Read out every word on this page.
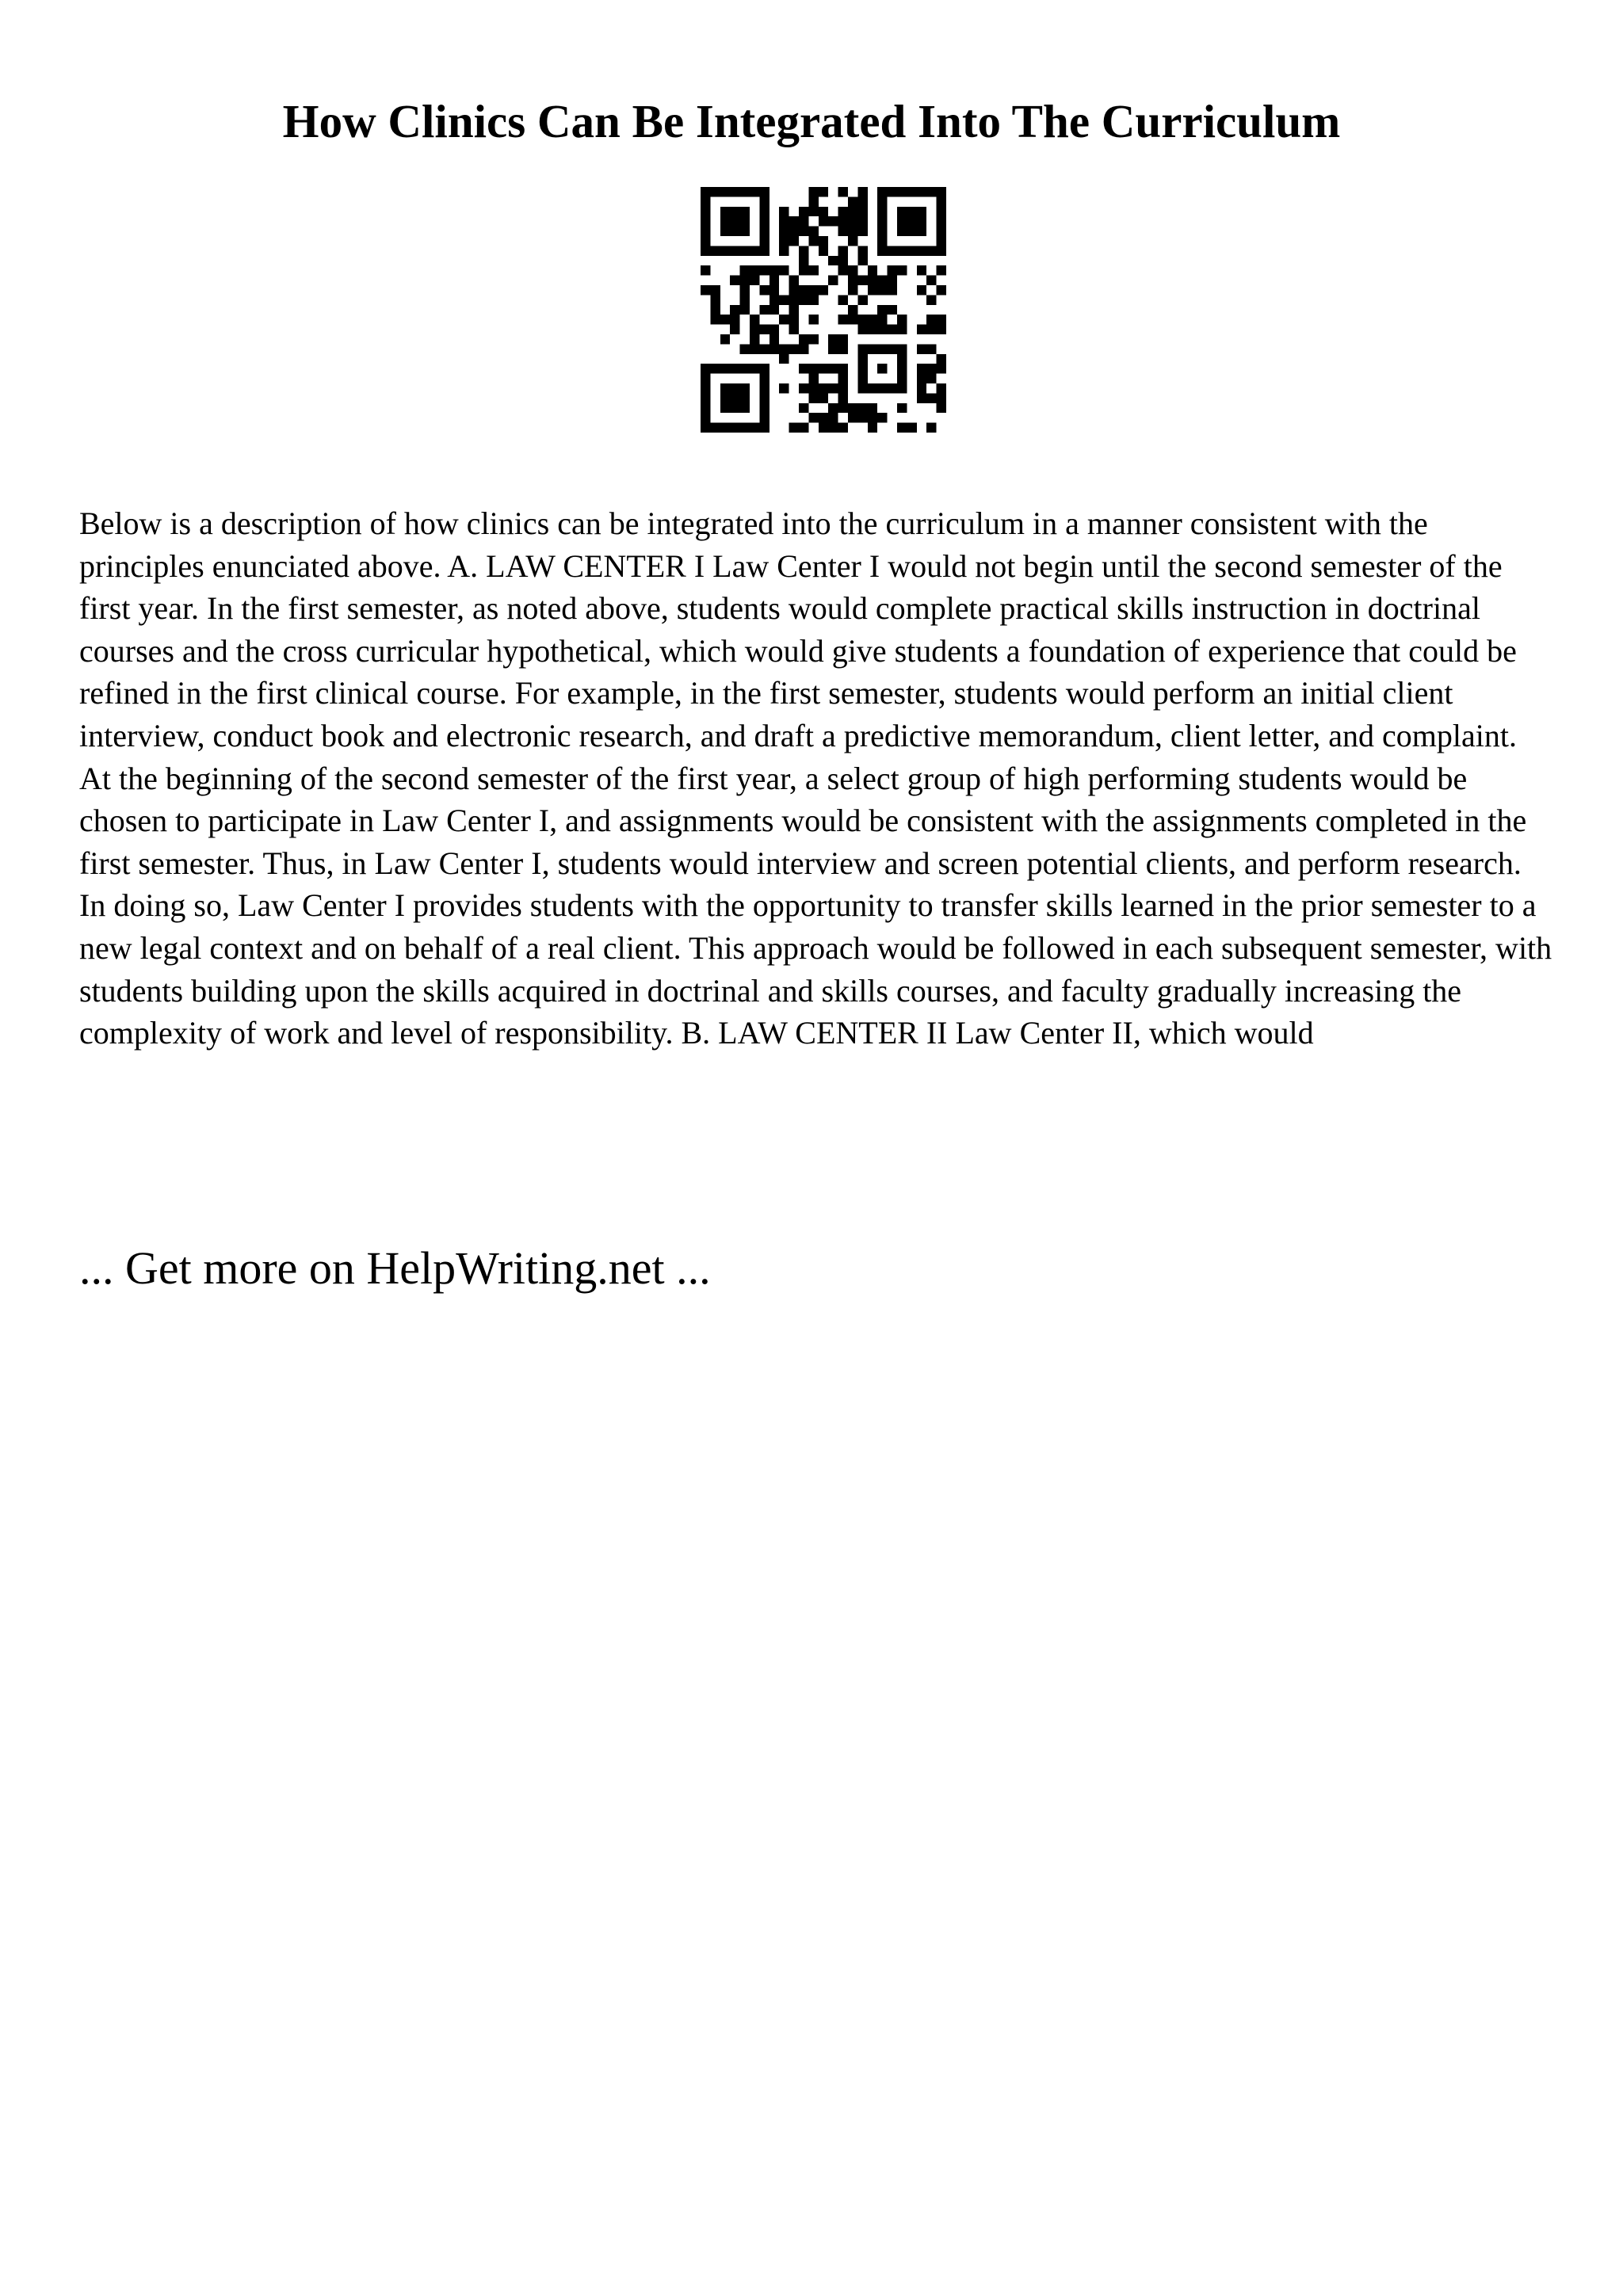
How Clinics Can Be Integrated Into The Curriculum

Below is a description of how clinics can be integrated into the curriculum in a manner consistent with the principles enunciated above. A. LAW CENTER I Law Center I would not begin until the second semester of the first year. In the first semester, as noted above, students would complete practical skills instruction in doctrinal courses and the cross curricular hypothetical, which would give students a foundation of experience that could be refined in the first clinical course. For example, in the first semester, students would perform an initial client interview, conduct book and electronic research, and draft a predictive memorandum, client letter, and complaint. At the beginning of the second semester of the first year, a select group of high performing students would be chosen to participate in Law Center I, and assignments would be consistent with the assignments completed in the first semester. Thus, in Law Center I, students would interview and screen potential clients, and perform research. In doing so, Law Center I provides students with the opportunity to transfer skills learned in the prior semester to a new legal context and on behalf of a real client. This approach would be followed in each subsequent semester, with students building upon the skills acquired in doctrinal and skills courses, and faculty gradually increasing the complexity of work and level of responsibility. B. LAW CENTER II Law Center II, which would

... Get more on HelpWriting.net ...
